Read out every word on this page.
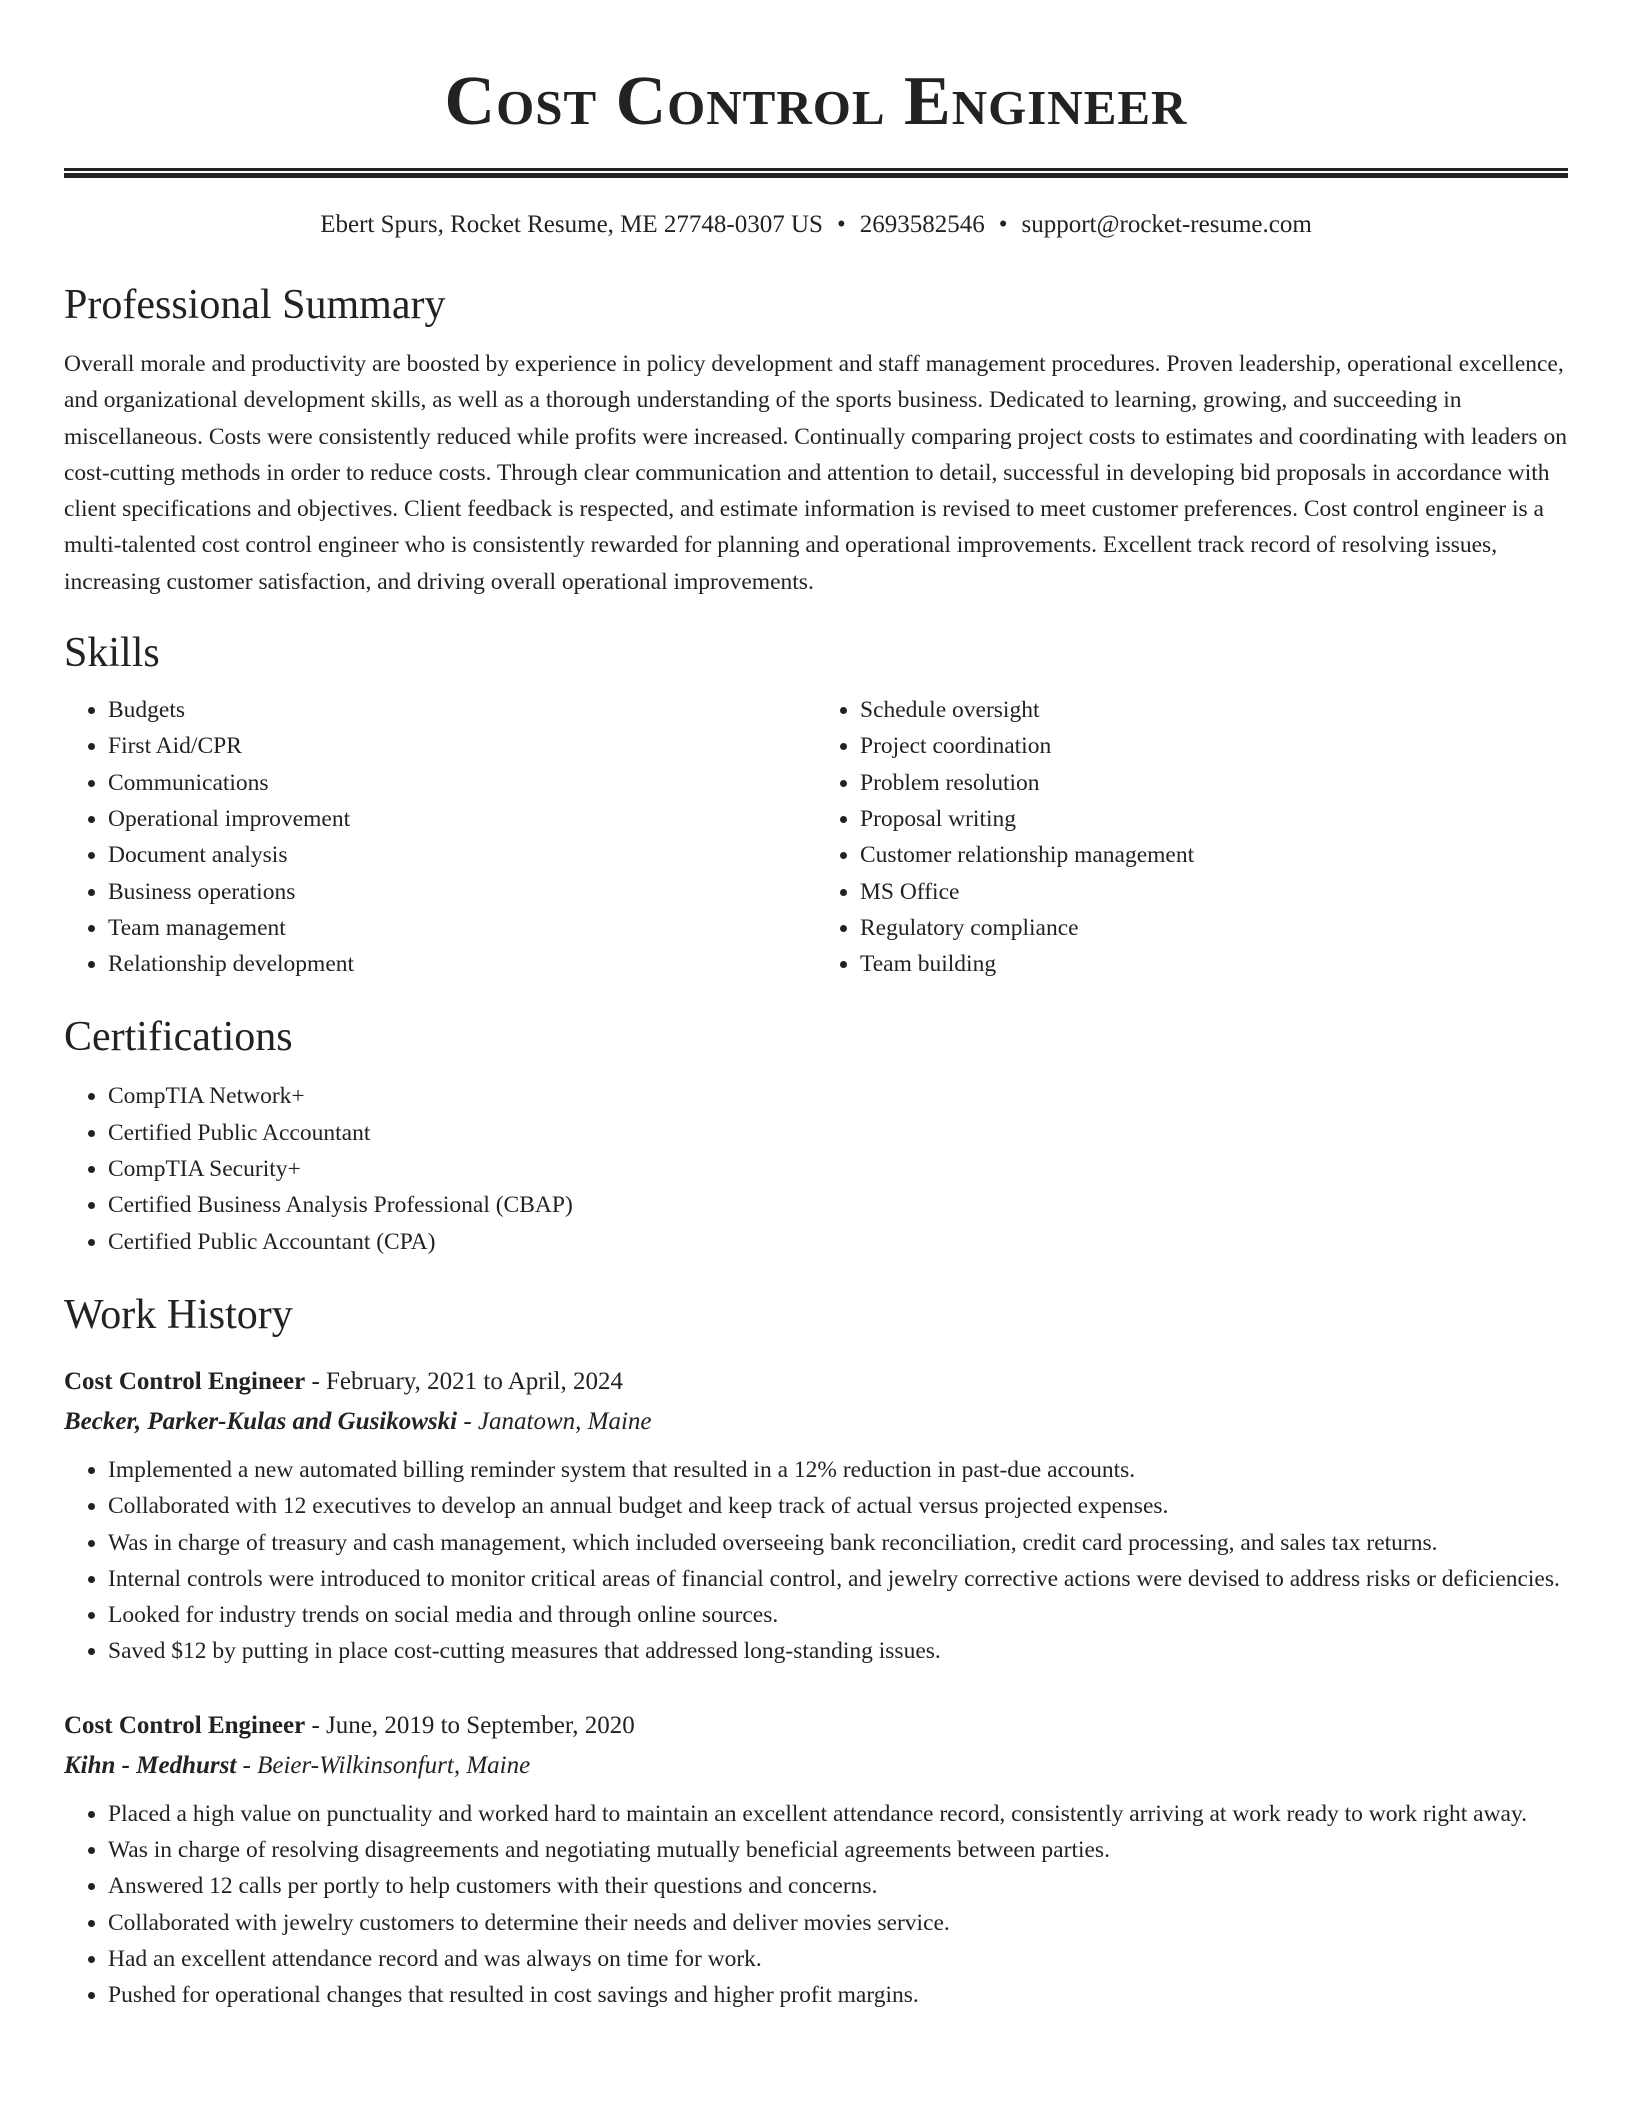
Cost Control Engineer
Ebert Spurs, Rocket Resume, ME 27748-0307 US • 2693582546 • support@rocket-resume.com
Professional Summary

Overall morale and productivity are boosted by experience in policy development and staff management procedures. Proven leadership, operational excellence, and organizational development skills, as well as a thorough understanding of the sports business. Dedicated to learning, growing, and succeeding in miscellaneous. Costs were consistently reduced while profits were increased. Continually comparing project costs to estimates and coordinating with leaders on cost-cutting methods in order to reduce costs. Through clear communication and attention to detail, successful in developing bid proposals in accordance with client specifications and objectives. Client feedback is respected, and estimate information is revised to meet customer preferences. Cost control engineer is a multi-talented cost control engineer who is consistently rewarded for planning and operational improvements. Excellent track record of resolving issues, increasing customer satisfaction, and driving overall operational improvements.

Skills
• Budgets
• First Aid/CPR
• Communications
• Operational improvement
• Document analysis
• Business operations
• Team management
• Relationship development
• Schedule oversight
• Project coordination
• Problem resolution
• Proposal writing
• Customer relationship management
• MS Office
• Regulatory compliance
• Team building
Certifications
• CompTIA Network+
• Certified Public Accountant
• CompTIA Security+
• Certified Business Analysis Professional (CBAP)
• Certified Public Accountant (CPA)
Work History
Cost Control Engineer - February, 2021 to April, 2024
Becker, Parker-Kulas and Gusikowski - Janatown, Maine
• Implemented a new automated billing reminder system that resulted in a 12% reduction in past-due accounts.
• Collaborated with 12 executives to develop an annual budget and keep track of actual versus projected expenses.
• Was in charge of treasury and cash management, which included overseeing bank reconciliation, credit card processing, and sales tax returns.
• Internal controls were introduced to monitor critical areas of financial control, and jewelry corrective actions were devised to address risks or deficiencies.
• Looked for industry trends on social media and through online sources.
• Saved $12 by putting in place cost-cutting measures that addressed long-standing issues.
Cost Control Engineer - June, 2019 to September, 2020
Kihn - Medhurst - Beier-Wilkinsonfurt, Maine
• Placed a high value on punctuality and worked hard to maintain an excellent attendance record, consistently arriving at work ready to work right away.
• Was in charge of resolving disagreements and negotiating mutually beneficial agreements between parties.
• Answered 12 calls per portly to help customers with their questions and concerns.
• Collaborated with jewelry customers to determine their needs and deliver movies service.
• Had an excellent attendance record and was always on time for work.
• Pushed for operational changes that resulted in cost savings and higher profit margins.
